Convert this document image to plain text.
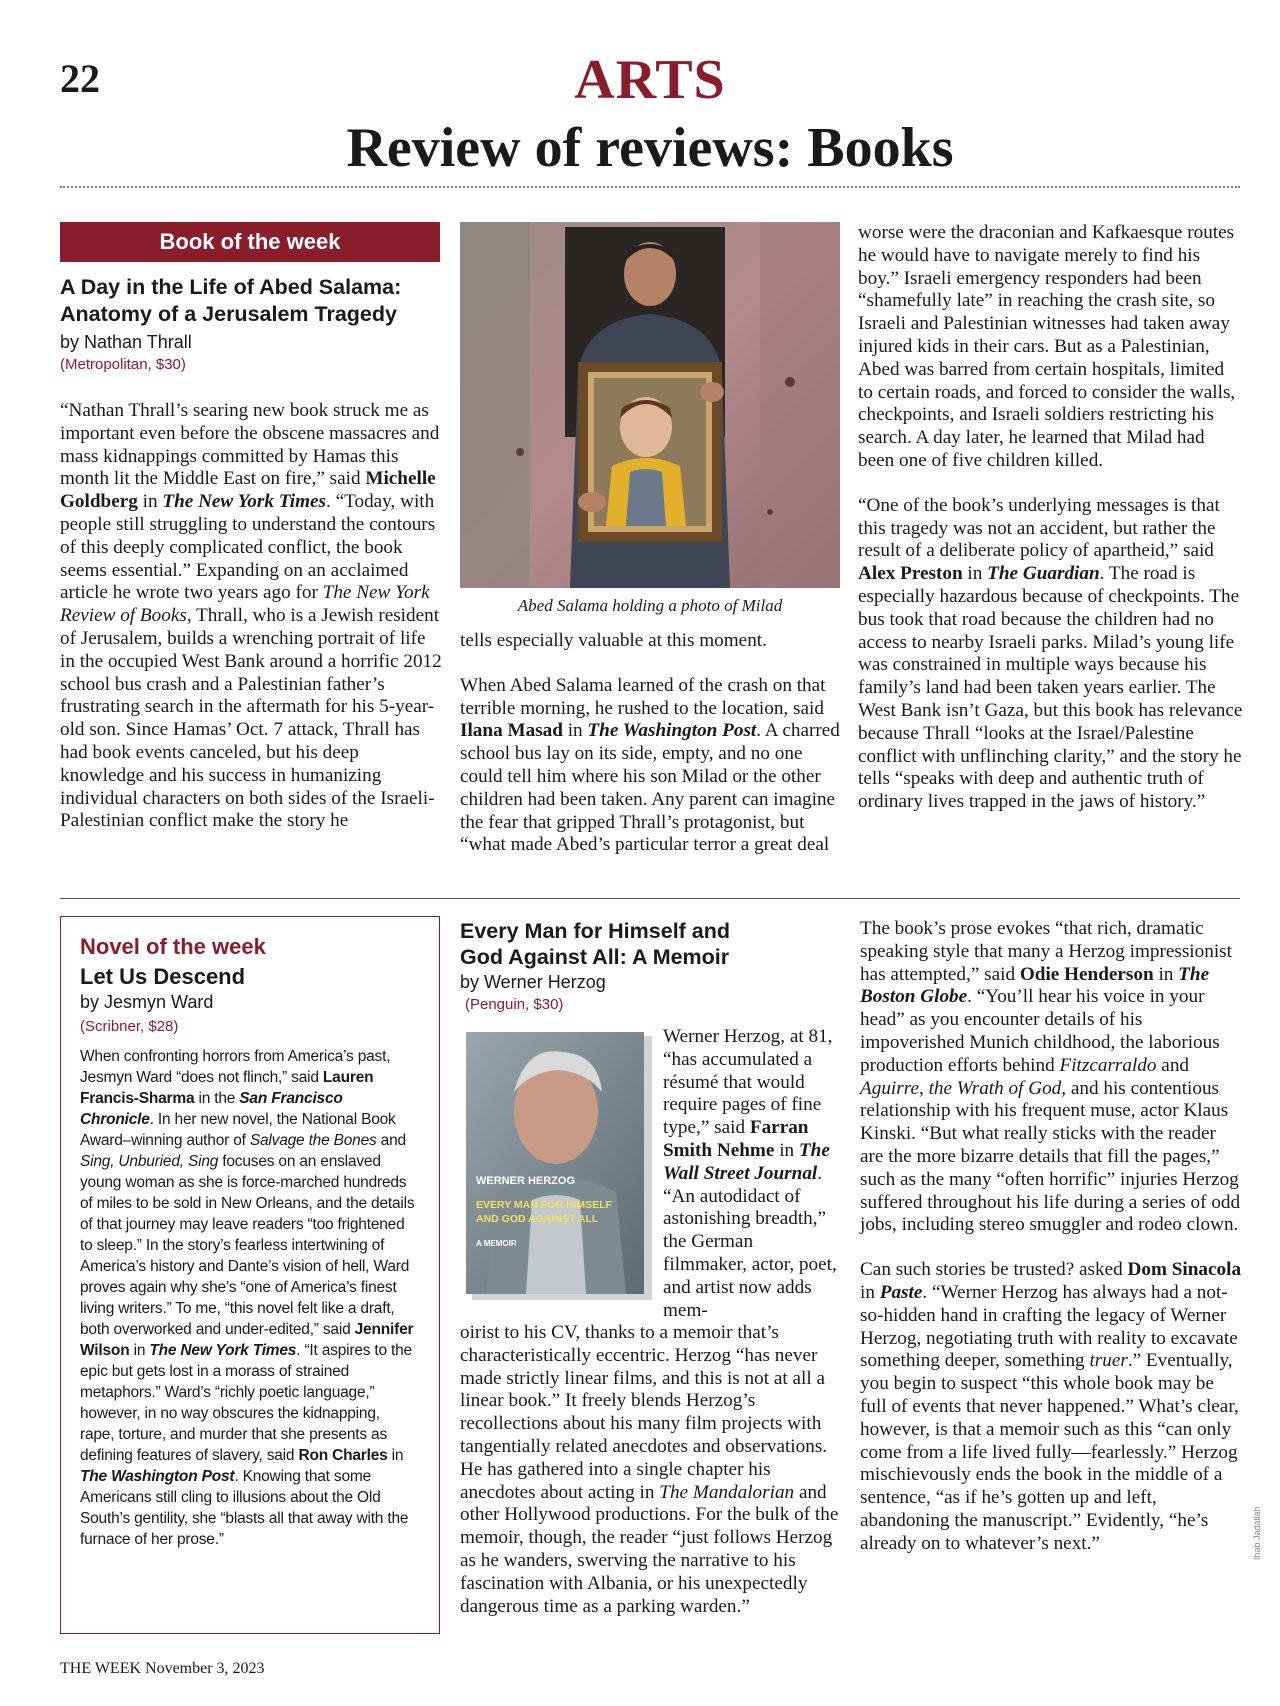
22	ARTS
Review of reviews: Books
Book of the week
A Day in the Life of Abed Salama:
Anatomy of a Jerusalem Tragedy
by Nathan Thrall
(Metropolitan, $30)

“Nathan Thrall’s searing new book struck me as important even before the obscene massacres and mass kidnappings committed by Hamas this month lit the Middle East on fire,” said Michelle Goldberg in The New York Times. “Today, with people still struggling to understand the contours of this deeply complicated conflict, the book seems essential.” Expanding on an acclaimed article he wrote two years ago for The New York Review of Books, Thrall, who is a Jewish resident of Jerusalem, builds a wrenching portrait of life in the occupied West Bank around a horrific 2012 school bus crash and a Palestinian father’s frustrating search in the aftermath for his 5-year-old son. Since Hamas’ Oct. 7 attack, Thrall has had book events canceled, but his deep knowledge and his success in humanizing individual characters on both sides of the Israeli-Palestinian conflict make the story he

Abed Salama holding a photo of Milad

tells especially valuable at this moment.

When Abed Salama learned of the crash on that terrible morning, he rushed to the location, said Ilana Masad in The Washington Post. A charred school bus lay on its side, empty, and no one could tell him where his son Milad or the other children had been taken. Any parent can imagine the fear that gripped Thrall’s protagonist, but “what made Abed’s particular terror a great deal

worse were the draconian and Kafkaesque routes he would have to navigate merely to find his boy.” Israeli emergency responders had been “shamefully late” in reaching the crash site, so Israeli and Palestinian witnesses had taken away injured kids in their cars. But as a Palestinian, Abed was barred from certain hospitals, limited to certain roads, and forced to consider the walls, checkpoints, and Israeli soldiers restricting his search. A day later, he learned that Milad had been one of five children killed.

“One of the book’s underlying messages is that this tragedy was not an accident, but rather the result of a deliberate policy of apartheid,” said Alex Preston in The Guardian. The road is especially hazardous because of checkpoints. The bus took that road because the children had no access to nearby Israeli parks. Milad’s young life was constrained in multiple ways because his family’s land had been taken years earlier. The West Bank isn’t Gaza, but this book has relevance because Thrall “looks at the Israel/Palestine conflict with unflinching clarity,” and the story he tells “speaks with deep and authentic truth of ordinary lives trapped in the jaws of history.”

Novel of the week
Let Us Descend
by Jesmyn Ward
(Scribner, $28)

When confronting horrors from America’s past, Jesmyn Ward “does not flinch,” said Lauren Francis-Sharma in the San Francisco Chronicle. In her new novel, the National Book Award–winning author of Salvage the Bones and Sing, Unburied, Sing focuses on an enslaved young woman as she is force-marched hundreds of miles to be sold in New Orleans, and the details of that journey may leave readers “too frightened to sleep.” In the story’s fearless intertwining of America’s history and Dante’s vision of hell, Ward proves again why she’s “one of America’s finest living writers.” To me, “this novel felt like a draft, both overworked and under-edited,” said Jennifer Wilson in The New York Times. “It aspires to the epic but gets lost in a morass of strained metaphors.” Ward’s “richly poetic language,” however, in no way obscures the kidnapping, rape, torture, and murder that she presents as defining features of slavery, said Ron Charles in The Washington Post. Knowing that some Americans still cling to illusions about the Old South’s gentility, she “blasts all that away with the furnace of her prose.”

Every Man for Himself and
God Against All: A Memoir
by Werner Herzog
(Penguin, $30)
WERNER HERZOG
EVERY MAN FOR HIMSELF
AND GOD AGAINST ALL
A MEMOIR

Werner Herzog, at 81, “has accumulated a résumé that would require pages of fine type,” said Farran Smith Nehme in The Wall Street Journal. “An autodidact of astonishing breadth,” the German filmmaker, actor, poet, and artist now adds mem-

oirist to his CV, thanks to a memoir that’s characteristically eccentric. Herzog “has never made strictly linear films, and this is not at all a linear book.” It freely blends Herzog’s recollections about his many film projects with tangentially related anecdotes and observations. He has gathered into a single chapter his anecdotes about acting in The Mandalorian and other Hollywood productions. For the bulk of the memoir, though, the reader “just follows Herzog as he wanders, swerving the narrative to his fascination with Albania, or his unexpectedly dangerous time as a parking warden.”

The book’s prose evokes “that rich, dramatic speaking style that many a Herzog impressionist has attempted,” said Odie Henderson in The Boston Globe. “You’ll hear his voice in your head” as you encounter details of his impoverished Munich childhood, the laborious production efforts behind Fitzcarraldo and Aguirre, the Wrath of God, and his contentious relationship with his frequent muse, actor Klaus Kinski. “But what really sticks with the reader are the more bizarre details that fill the pages,” such as the many “often horrific” injuries Herzog suffered throughout his life during a series of odd jobs, including stereo smuggler and rodeo clown.

Can such stories be trusted? asked Dom Sinacola in Paste. “Werner Herzog has always had a not-so-hidden hand in crafting the legacy of Werner Herzog, negotiating truth with reality to excavate something deeper, something truer.” Eventually, you begin to suspect “this whole book may be full of events that never happened.” What’s clear, however, is that a memoir such as this “can only come from a life lived fully—fearlessly.” Herzog mischievously ends the book in the middle of a sentence, “as if he’s gotten up and left, abandoning the manuscript.” Evidently, “he’s already on to whatever’s next.”	Ihab Jadallah
THE WEEK November 3, 2023
